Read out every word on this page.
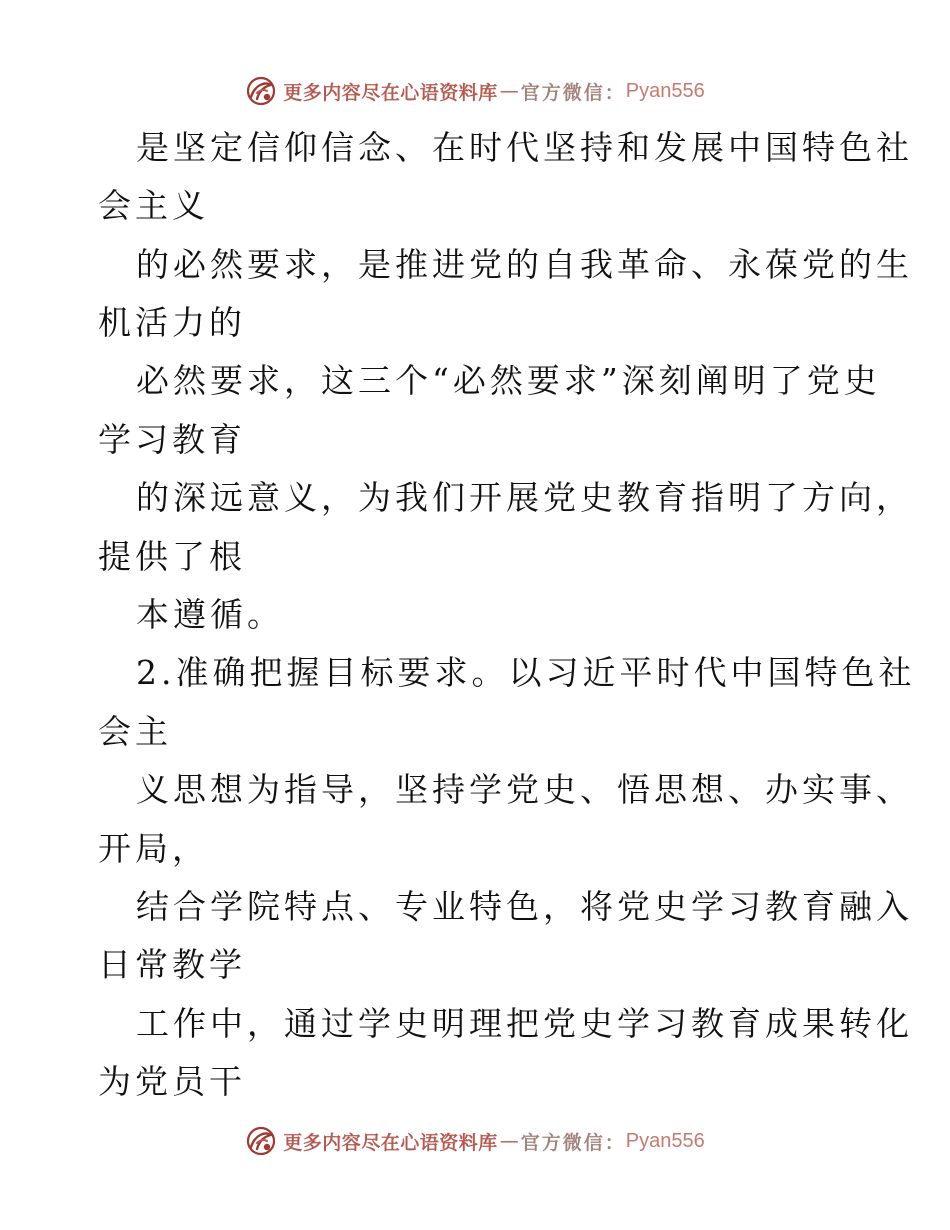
更多内容尽在心语资料库 — 官方微信： Pyan556
是坚定信仰信念、在时代坚持和发展中国特色社
会主义
的必然要求，是推进党的自我革命、永葆党的生
机活力的
必然要求，这三个“必然要求”深刻阐明了党史
学习教育
的深远意义，为我们开展党史教育指明了方向，
提供了根
本遵循。
2.准确把握目标要求。以习近平时代中国特色社
会主
义思想为指导，坚持学党史、悟思想、办实事、
开局，
结合学院特点、专业特色，将党史学习教育融入
日常教学
工作中，通过学史明理把党史学习教育成果转化
为党员干
更多内容尽在心语资料库 — 官方微信： Pyan556
